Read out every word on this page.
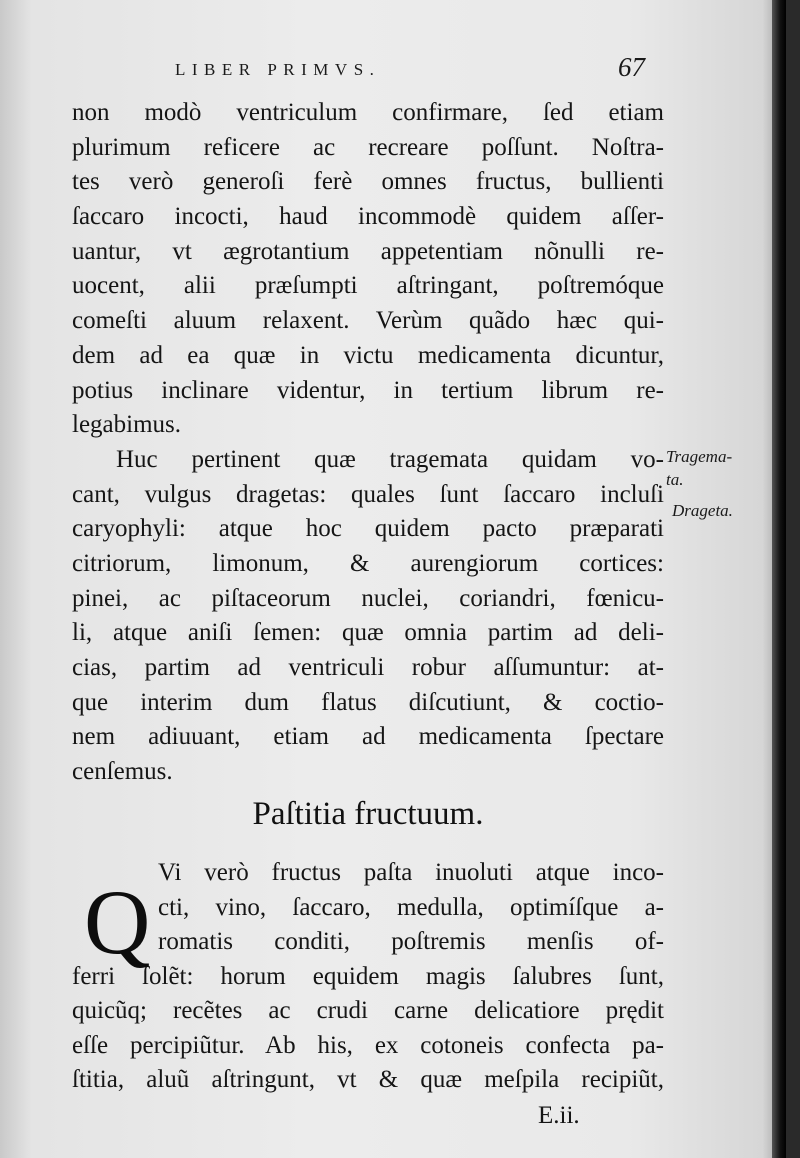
LIBER PRIMVS.	67
non modò ventriculum confirmare, ſed etiam
plurimum reficere ac recreare poſſunt. Noſtra-
tes verò generoſi ferè omnes fructus, bullienti
ſaccaro incocti, haud incommodè quidem aſſer-
uantur, vt ægrotantium appetentiam nõnulli re-
uocent, alii præſumpti aſtringant, poſtremóque
comeſti aluum relaxent. Verùm quãdo hæc qui-
dem ad ea quæ in victu medicamenta dicuntur,
potius inclinare videntur, in tertium librum re-
legabimus.
Huc pertinent quæ tragemata quidam vo-
cant, vulgus dragetas: quales ſunt ſaccaro incluſi
caryophyli: atque hoc quidem pacto præparati
citriorum, limonum, & aurengiorum cortices:
pinei, ac piſtaceorum nuclei, coriandri, fœnicu-
li, atque aniſi ſemen: quæ omnia partim ad deli-
cias, partim ad ventriculi robur aſſumuntur: at-
que interim dum flatus diſcutiunt, & coctio-
nem adiuuant, etiam ad medicamenta ſpectare
cenſemus.
Tragema-
ta.
Drageta.
Paſtitia fructuum.
Q Vi verò fructus paſta inuoluti atque inco-
cti, vino, ſaccaro, medulla, optimíſque a-
romatis conditi, poſtremis menſis of-
ferri ſolẽt: horum equidem magis ſalubres ſunt,
quicũq; recẽtes ac crudi carne delicatiore prędit
eſſe percipiũtur. Ab his, ex cotoneis confecta pa-
ſtitia, aluũ aſtringunt, vt & quæ meſpila recipiũt,
E.ii.
